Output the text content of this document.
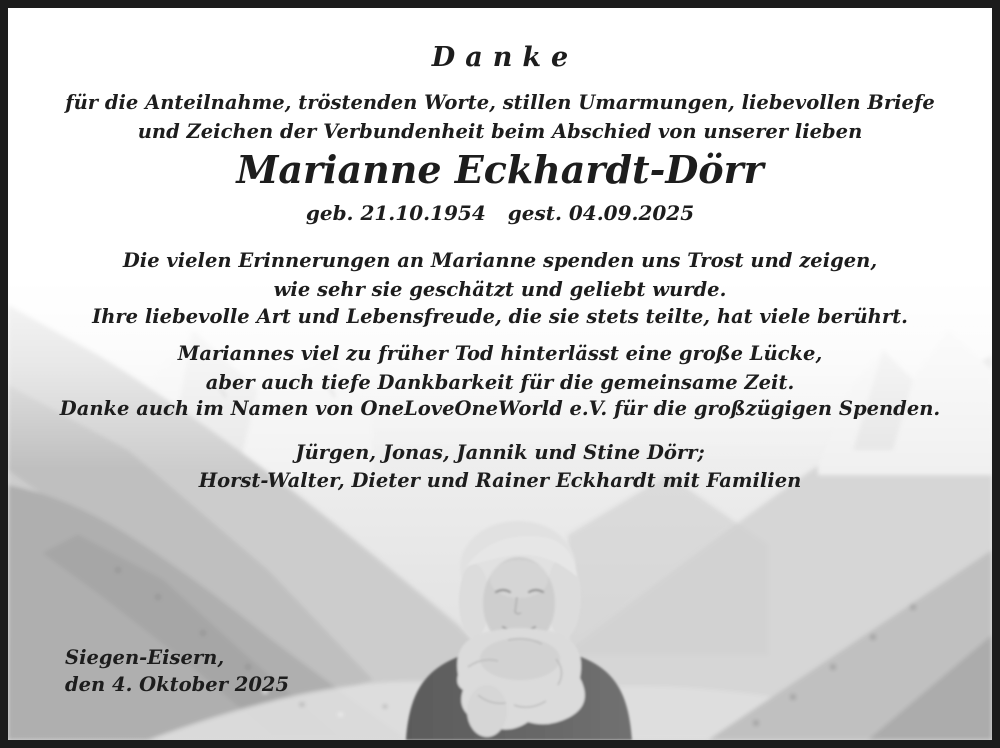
Danke
für die Anteilnahme, tröstenden Worte, stillen Umarmungen, liebevollen Briefe
und Zeichen der Verbundenheit beim Abschied von unserer lieben
Marianne Eckhardt-Dörr
geb. 21.10.1954 gest. 04.09.2025
Die vielen Erinnerungen an Marianne spenden uns Trost und zeigen,
wie sehr sie geschätzt und geliebt wurde.
Ihre liebevolle Art und Lebensfreude, die sie stets teilte, hat viele berührt.
Mariannes viel zu früher Tod hinterlässt eine große Lücke,
aber auch tiefe Dankbarkeit für die gemeinsame Zeit.
Danke auch im Namen von OneLoveOneWorld e.V. für die großzügigen Spenden.
Jürgen, Jonas, Jannik und Stine Dörr;
Horst-Walter, Dieter und Rainer Eckhardt mit Familien
Siegen-Eisern,
den 4. Oktober 2025
